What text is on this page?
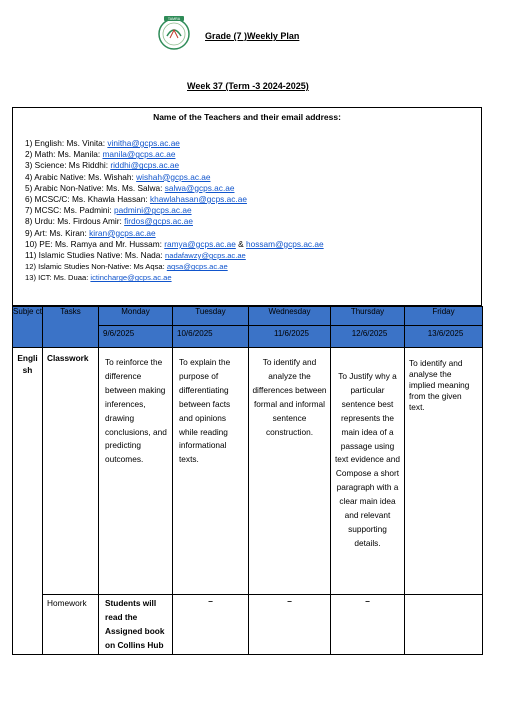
TAMRA
Grade (7 )Weekly Plan
Week 37 (Term -3 2024-2025)
Name of the Teachers and their email address:
1) English: Ms. Vinita: vinitha@gcps.ac.ae
2) Math: Ms. Manila: manila@gcps.ac.ae
3) Science: Ms Riddhi: riddhi@gcps.ac.ae
4) Arabic Native: Ms. Wishah: wishah@gcps.ac.ae
5) Arabic Non-Native: Ms. Ms. Salwa: salwa@gcps.ac.ae
6) MCSC/C: Ms. Khawla Hassan: khawlahasan@gcps.ac.ae
7) MCSC: Ms. Padmini: padmini@gcps.ac.ae
8) Urdu: Ms. Firdous Amir: firdos@gcps.ac.ae
9) Art: Ms. Kiran: kiran@gcps.ac.ae
10) PE: Ms. Ramya and Mr. Hussam: ramya@gcps.ac.ae & hossam@gcps.ac.ae
11) Islamic Studies Native: Ms. Nada: nadafawzy@gcps.ac.ae
12) Islamic Studies Non-Native: Ms Aqsa: aqsa@gcps.ac.ae
13) ICT: Ms. Duaa: ictincharge@gcps.ac.ae
Subje ct	Tasks	Monday	Tuesday	Wednesday	Thursday	Friday
		9/6/2025	10/6/2025	11/6/2025	12/6/2025	13/6/2025
Engli sh	Classwork	To reinforce the difference between making inferences, drawing conclusions, and predicting outcomes.	To explain the purpose of differentiating between facts and opinions while reading informational texts.	To identify and analyze the differences between formal and informal sentence construction.	To Justify why a particular sentence best represents the main idea of a passage using text evidence and Compose a short paragraph with a clear main idea and relevant supporting details.	To identify and analyse the implied meaning from the given text.
	Homework	Students will read the Assigned book on Collins Hub	–	–	–	
